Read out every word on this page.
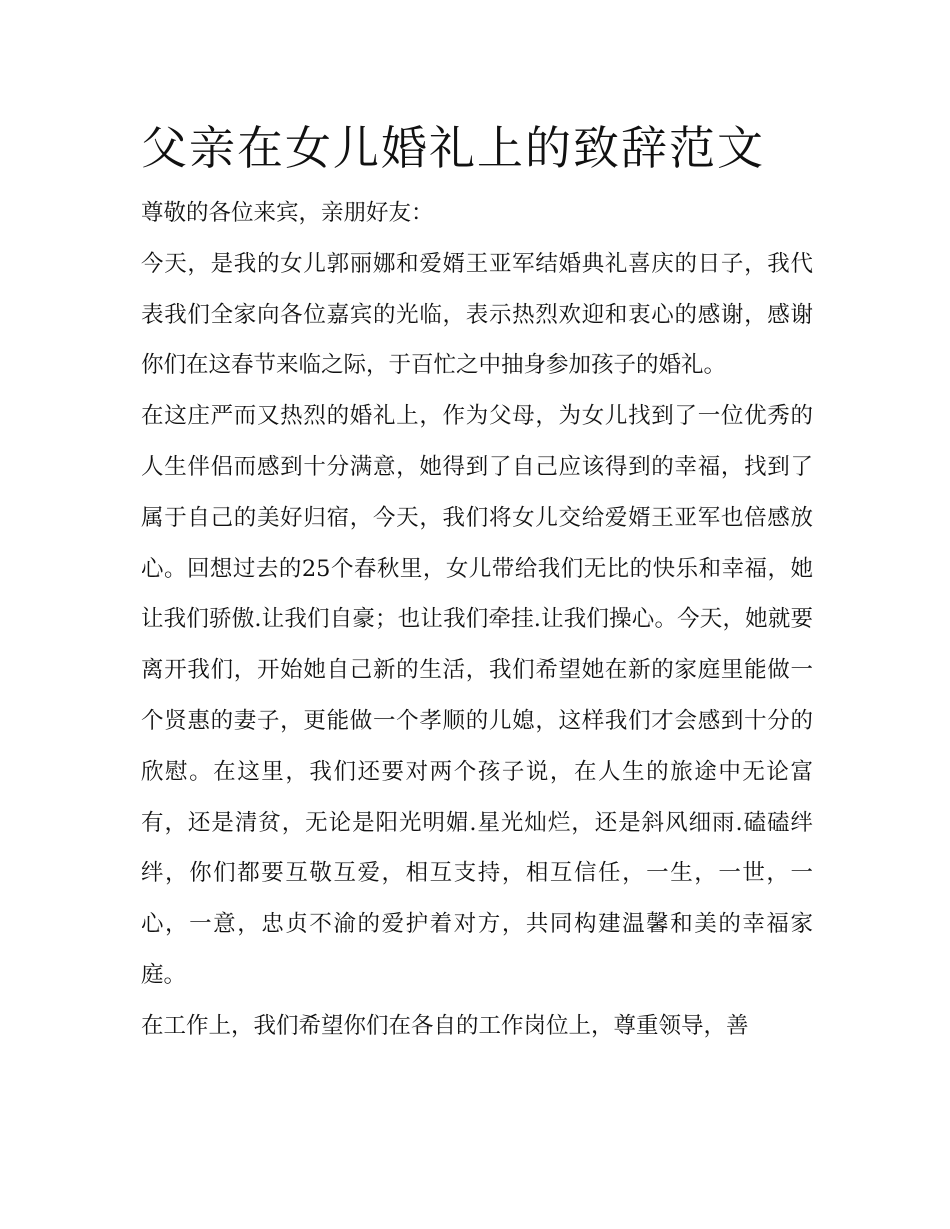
父亲在女儿婚礼上的致辞范文

尊敬的各位来宾，亲朋好友：

今天，是我的女儿郭丽娜和爱婿王亚军结婚典礼喜庆的日子，我代表我们全家向各位嘉宾的光临，表示热烈欢迎和衷心的感谢，感谢你们在这春节来临之际，于百忙之中抽身参加孩子的婚礼。

在这庄严而又热烈的婚礼上，作为父母，为女儿找到了一位优秀的人生伴侣而感到十分满意，她得到了自己应该得到的幸福，找到了属于自己的美好归宿，今天，我们将女儿交给爱婿王亚军也倍感放心。回想过去的25个春秋里，女儿带给我们无比的快乐和幸福，她让我们骄傲.让我们自豪；也让我们牵挂.让我们操心。今天，她就要离开我们，开始她自己新的生活，我们希望她在新的家庭里能做一个贤惠的妻子，更能做一个孝顺的儿媳，这样我们才会感到十分的欣慰。在这里，我们还要对两个孩子说，在人生的旅途中无论富有，还是清贫，无论是阳光明媚.星光灿烂，还是斜风细雨.磕磕绊绊，你们都要互敬互爱，相互支持，相互信任，一生，一世，一心，一意，忠贞不渝的爱护着对方，共同构建温馨和美的幸福家庭。

在工作上，我们希望你们在各自的工作岗位上，尊重领导，善
